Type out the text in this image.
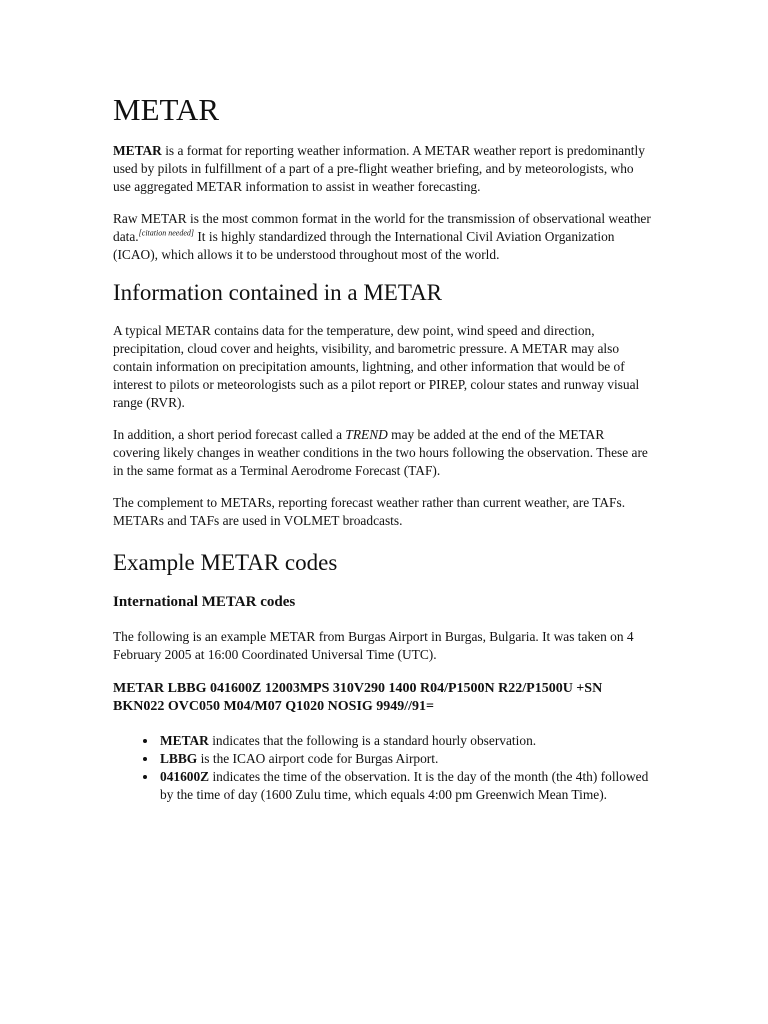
METAR

METAR is a format for reporting weather information. A METAR weather report is predominantly used by pilots in fulfillment of a part of a pre-flight weather briefing, and by meteorologists, who use aggregated METAR information to assist in weather forecasting.

Raw METAR is the most common format in the world for the transmission of observational weather data.[citation needed] It is highly standardized through the International Civil Aviation Organization (ICAO), which allows it to be understood throughout most of the world.

Information contained in a METAR

A typical METAR contains data for the temperature, dew point, wind speed and direction, precipitation, cloud cover and heights, visibility, and barometric pressure. A METAR may also contain information on precipitation amounts, lightning, and other information that would be of interest to pilots or meteorologists such as a pilot report or PIREP, colour states and runway visual range (RVR).

In addition, a short period forecast called a TREND may be added at the end of the METAR covering likely changes in weather conditions in the two hours following the observation. These are in the same format as a Terminal Aerodrome Forecast (TAF).

The complement to METARs, reporting forecast weather rather than current weather, are TAFs. METARs and TAFs are used in VOLMET broadcasts.

Example METAR codes
International METAR codes

The following is an example METAR from Burgas Airport in Burgas, Bulgaria. It was taken on 4 February 2005 at 16:00 Coordinated Universal Time (UTC).

METAR LBBG 041600Z 12003MPS 310V290 1400 R04/P1500N R22/P1500U +SN BKN022 OVC050 M04/M07 Q1020 NOSIG 9949//91=
• METAR indicates that the following is a standard hourly observation.
• LBBG is the ICAO airport code for Burgas Airport.
• 041600Z indicates the time of the observation. It is the day of the month (the 4th) followed by the time of day (1600 Zulu time, which equals 4:00 pm Greenwich Mean Time).
